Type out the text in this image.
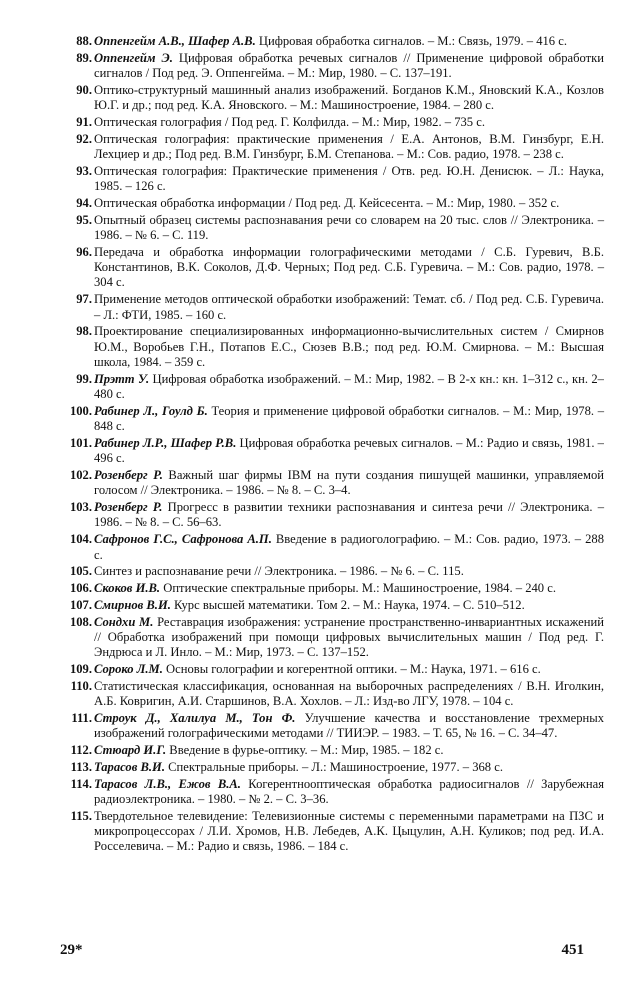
88. Оппенгейм А.В., Шафер А.В. Цифровая обработка сигналов. – М.: Связь, 1979. – 416 с.
89. Оппенгейм Э. Цифровая обработка речевых сигналов // Применение цифровой обработки сигналов / Под ред. Э. Оппенгейма. – М.: Мир, 1980. – С. 137–191.
90. Оптико-структурный машинный анализ изображений. Богданов К.М., Яновский К.А., Козлов Ю.Г. и др.; под ред. К.А. Яновского. – М.: Машиностроение, 1984. – 280 с.
91. Оптическая голография / Под ред. Г. Колфилда. – М.: Мир, 1982. – 735 с.
92. Оптическая голография: практические применения / Е.А. Антонов, В.М. Гинзбург, Е.Н. Лехциер и др.; Под ред. В.М. Гинзбург, Б.М. Степанова. – М.: Сов. радио, 1978. – 238 с.
93. Оптическая голография: Практические применения / Отв. ред. Ю.Н. Денисюк. – Л.: Наука, 1985. – 126 с.
94. Оптическая обработка информации / Под ред. Д. Кейсесента. – М.: Мир, 1980. – 352 с.
95. Опытный образец системы распознавания речи со словарем на 20 тыс. слов // Электроника. – 1986. – № 6. – С. 119.
96. Передача и обработка информации голографическими методами / С.Б. Гуревич, В.Б. Константинов, В.К. Соколов, Д.Ф. Черных; Под ред. С.Б. Гуревича. – М.: Сов. радио, 1978. – 304 с.
97. Применение методов оптической обработки изображений: Темат. сб. / Под ред. С.Б. Гуревича. – Л.: ФТИ, 1985. – 160 с.
98. Проектирование специализированных информационно-вычислительных систем / Смирнов Ю.М., Воробьев Г.Н., Потапов Е.С., Сюзев В.В.; под ред. Ю.М. Смирнова. – М.: Высшая школа, 1984. – 359 с.
99. Прэтт У. Цифровая обработка изображений. – М.: Мир, 1982. – В 2-х кн.: кн. 1–312 с., кн. 2–480 с.
100. Рабинер Л., Гоулд Б. Теория и применение цифровой обработки сигналов. – М.: Мир, 1978. – 848 с.
101. Рабинер Л.Р., Шафер Р.В. Цифровая обработка речевых сигналов. – М.: Радио и связь, 1981. – 496 с.
102. Розенберг Р. Важный шаг фирмы IBM на пути создания пишущей машинки, управляемой голосом // Электроника. – 1986. – № 8. – С. 3–4.
103. Розенберг Р. Прогресс в развитии техники распознавания и синтеза речи // Электроника. – 1986. – № 8. – С. 56–63.
104. Сафронов Г.С., Сафронова А.П. Введение в радиоголографию. – М.: Сов. радио, 1973. – 288 с.
105. Синтез и распознавание речи // Электроника. – 1986. – № 6. – С. 115.
106. Скоков И.В. Оптические спектральные приборы. М.: Машиностроение, 1984. – 240 с.
107. Смирнов В.И. Курс высшей математики. Том 2. – М.: Наука, 1974. – С. 510–512.
108. Сондхи М. Реставрация изображения: устранение пространственно-инвариантных искажений // Обработка изображений при помощи цифровых вычислительных машин / Под ред. Г. Эндрюса и Л. Инло. – М.: Мир, 1973. – С. 137–152.
109. Сороко Л.М. Основы голографии и когерентной оптики. – М.: Наука, 1971. – 616 с.
110. Статистическая классификация, основанная на выборочных распределениях / В.Н. Иголкин, А.Б. Ковригин, А.И. Старшинов, В.А. Хохлов. – Л.: Изд-во ЛГУ, 1978. – 104 с.
111. Строук Д., Халилуа М., Тон Ф. Улучшение качества и восстановление трехмерных изображений голографическими методами // ТИИЭР. – 1983. – Т. 65, № 16. – С. 34–47.
112. Стюард И.Г. Введение в фурье-оптику. – М.: Мир, 1985. – 182 с.
113. Тарасов В.И. Спектральные приборы. – Л.: Машиностроение, 1977. – 368 с.
114. Тарасов Л.В., Ежов В.А. Когерентнооптическая обработка радиосигналов // Зарубежная радиоэлектроника. – 1980. – № 2. – С. 3–36.
115. Твердотельное телевидение: Телевизионные системы с переменными параметрами на ПЗС и микропроцессорах / Л.И. Хромов, Н.В. Лебедев, А.К. Цыцулин, А.Н. Куликов; под ред. И.А. Росселевича. – М.: Радио и связь, 1986. – 184 с.
29*	451
